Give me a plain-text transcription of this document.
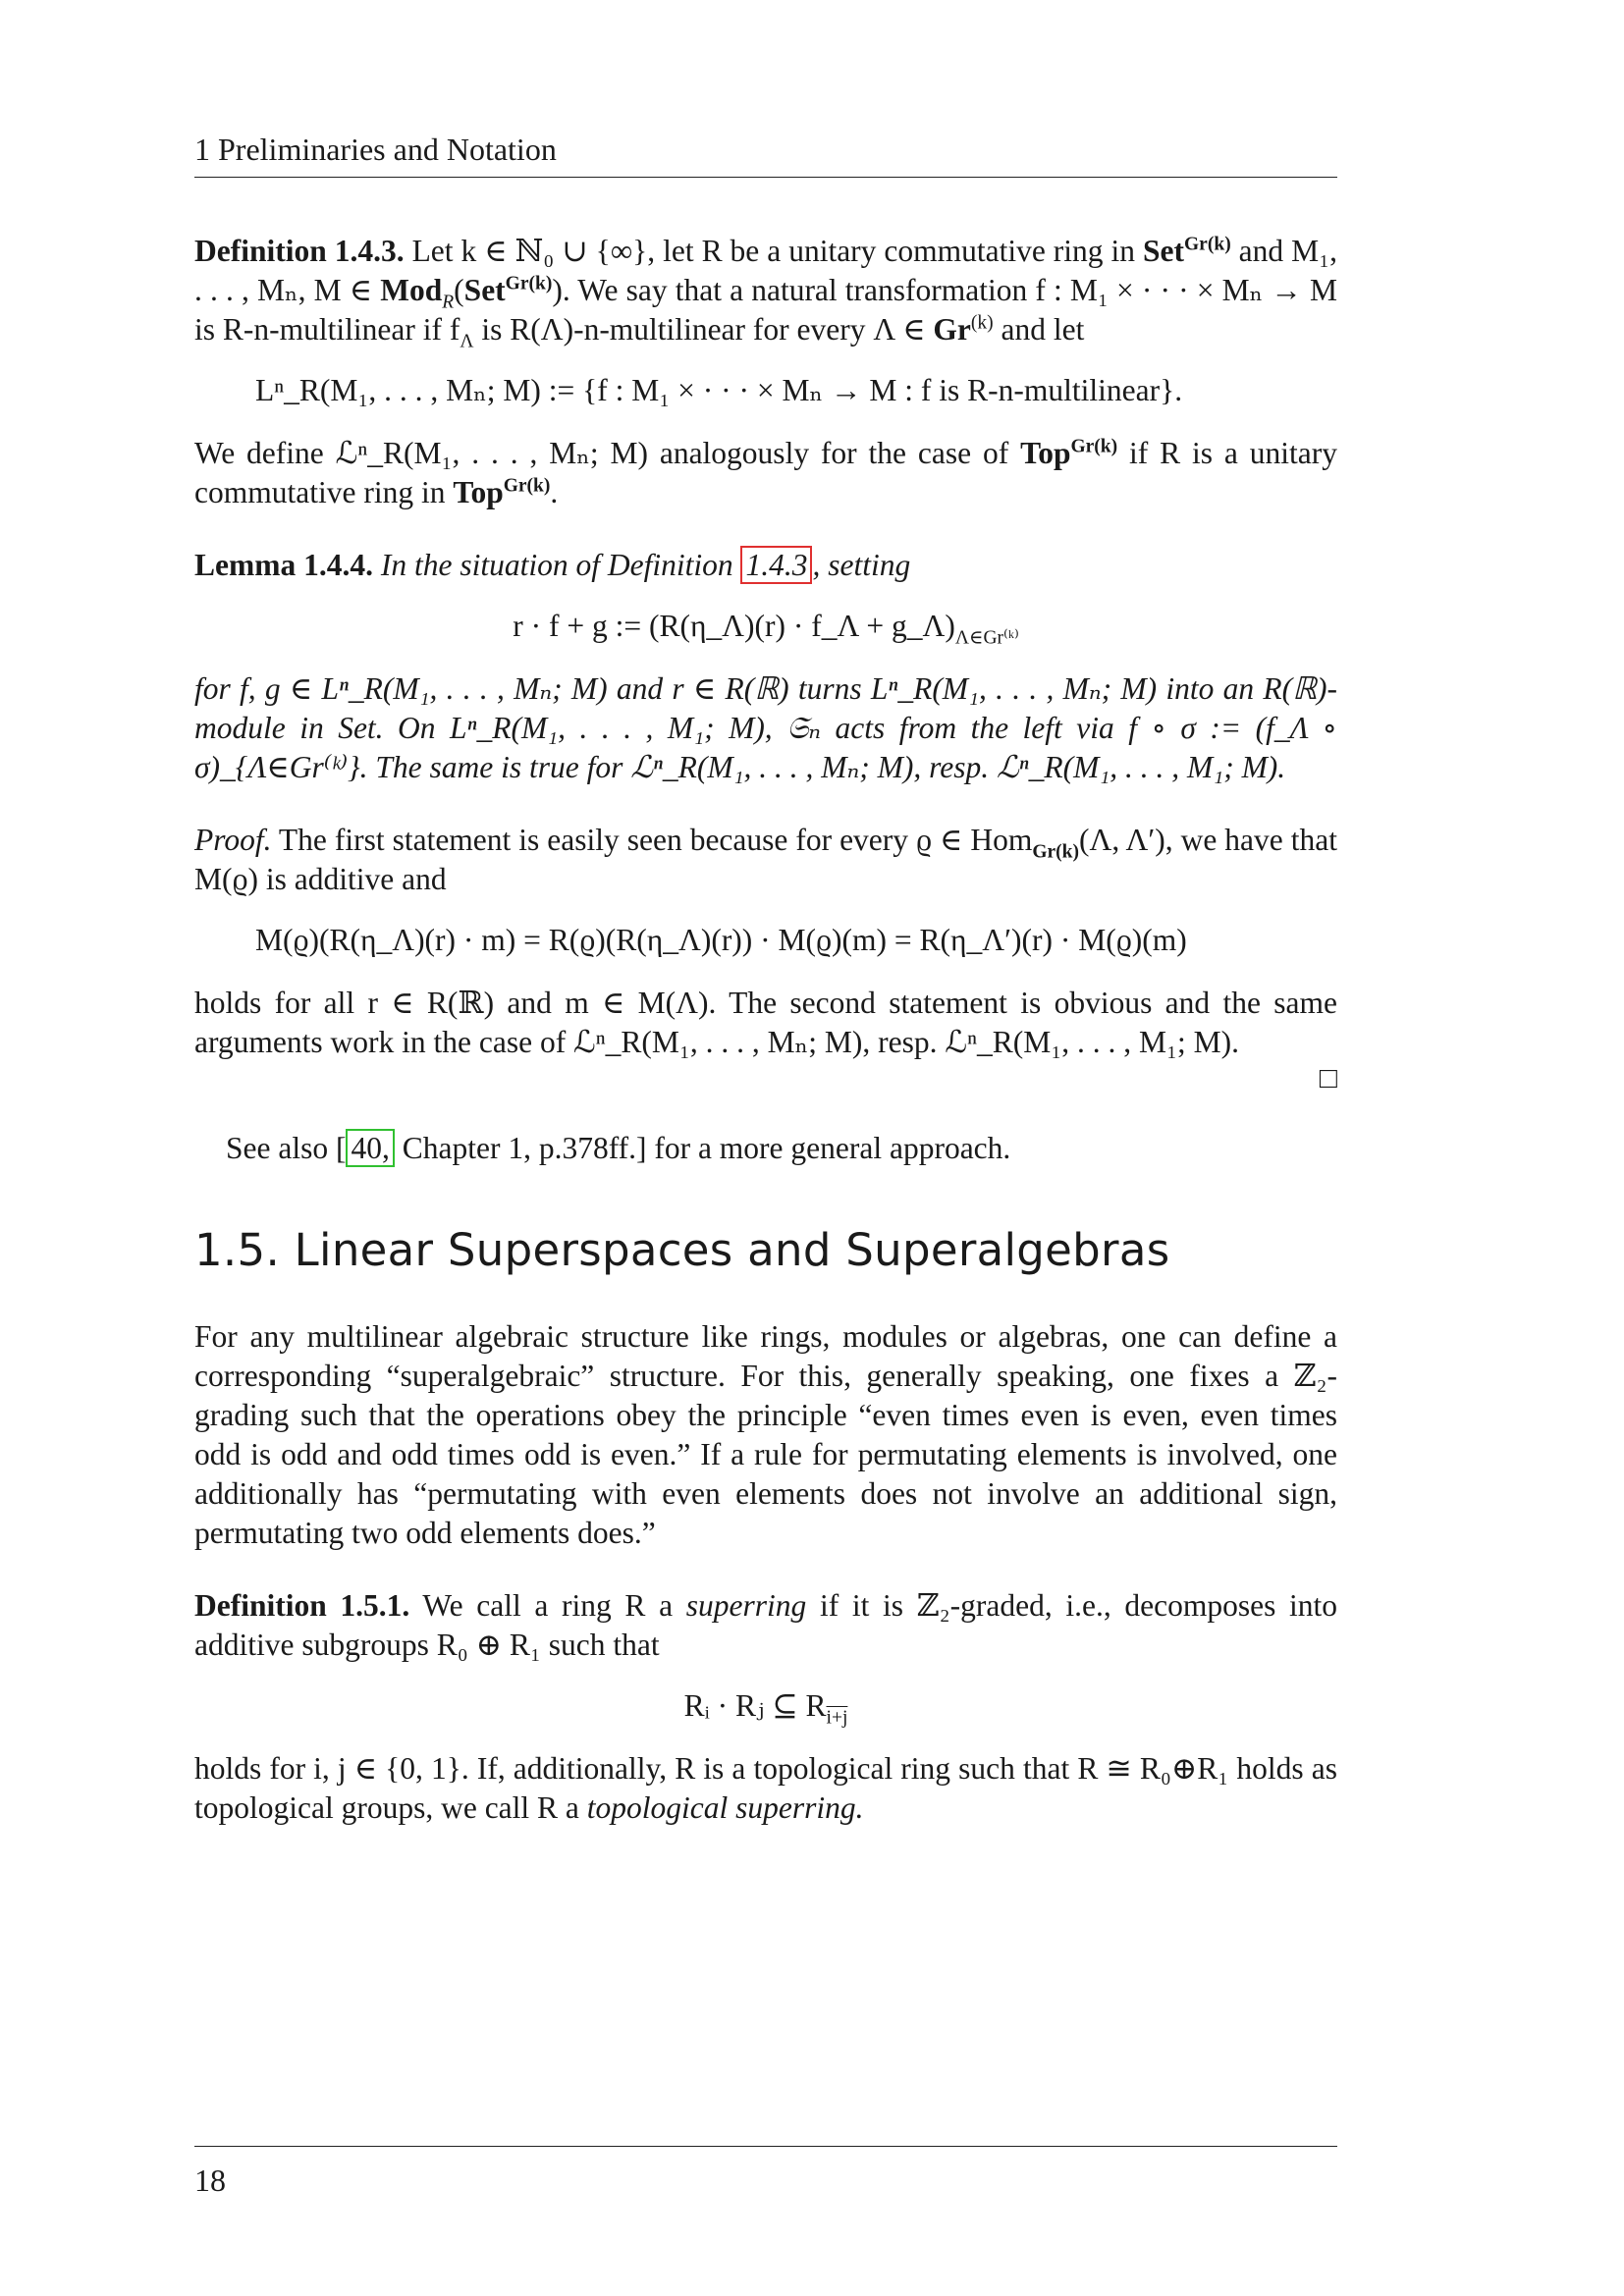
1 Preliminaries and Notation

Definition 1.4.3. Let k ∈ ℕ₀ ∪ {∞}, let R be a unitary commutative ring in Set$^{Gr(k)}$ and M₁, . . . , Mₙ, M ∈ Mod$_R$(Set$^{Gr(k)}$). We say that a natural transformation f : M₁ × · · · × Mₙ → M is R-n-multilinear if $f_\Lambda$ is R(Λ)-n-multilinear for every Λ ∈ Gr$^{(k)}$ and let

Lⁿ_R(M₁, . . . , Mₙ; M) := {f : M₁ × · · · × Mₙ → M : f is R-n-multilinear}.

We define ℒⁿ_R(M₁, . . . , Mₙ; M) analogously for the case of Top$^{Gr(k)}$ if R is a unitary commutative ring in Top$^{Gr(k)}$.

Lemma 1.4.4. In the situation of Definition 1.4.3 , setting

r · f + g := (R(η_Λ)(r) · f_Λ + $g\_\Lambda)_{\Lambda\in Gr^(ᵏ^)}$

for f, g ∈ Lⁿ_R(M₁, . . . , Mₙ; M) and r ∈ R(ℝ) turns Lⁿ_R(M₁, . . . , Mₙ; M) into an R(ℝ)-module in Set. On Lⁿ_R(M₁, . . . , M₁; M), 𝔖ₙ acts from the left via f ∘ σ := (f_Λ ∘ σ)_{Λ∈Gr⁽ᵏ⁾}. The same is true for ℒⁿ_R(M₁, . . . , Mₙ; M), resp. ℒⁿ_R(M₁, . . . , M₁; M).

Proof. The first statement is easily seen because for every ϱ ∈ Hom$_{Gr(k)}$(Λ, Λ′), we have that M(ϱ) is additive and

M(ϱ)(R(η_Λ)(r) · m) = R(ϱ)(R(η_Λ)(r)) · M(ϱ)(m) = R(η_Λ′)(r) · M(ϱ)(m)

holds for all r ∈ R(ℝ) and m ∈ M(Λ). The second statement is obvious and the same arguments work in the case of ℒⁿ_R(M₁, . . . , Mₙ; M), resp. ℒⁿ_R(M₁, . . . , M₁; M).

□

See also [ 40, Chapter 1, p.378ff.] for a more general approach.

1.5. Linear Superspaces and Superalgebras

For any multilinear algebraic structure like rings, modules or algebras, one can define a corresponding “superalgebraic” structure. For this, generally speaking, one fixes a ℤ₂-grading such that the operations obey the principle “even times even is even, even times odd is odd and odd times odd is even.” If a rule for permutating elements is involved, one additionally has “permutating with even elements does not involve an additional sign, permutating two odd elements does.”

Definition 1.5.1. We call a ring R a superring if it is ℤ₂-graded, i.e., decomposes into additive subgroups R₀ ⊕ R₁ such that

Rᵢ · Rⱼ ⊆ $R_{i+j}$

holds for i, j ∈ {0, 1}. If, additionally, R is a topological ring such that R ≅ R₀⊕R₁ holds as topological groups, we call R a topological superring.

18
